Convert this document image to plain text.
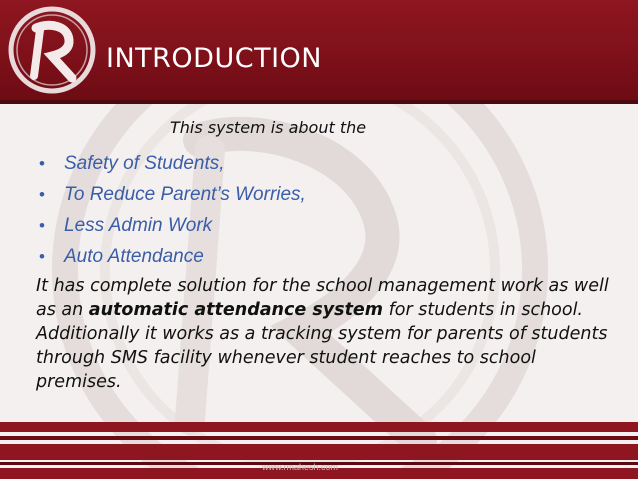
INTRODUCTION
This system is about the
• Safety of Students,
• To Reduce Parent’s Worries,
• Less Admin Work
• Auto Attendance

It has complete solution for the school management work as well as an automatic attendance system for students in school. Additionally it works as a tracking system for parents of students through SMS facility whenever student reaches to school premises.

www.rmahesh.com
